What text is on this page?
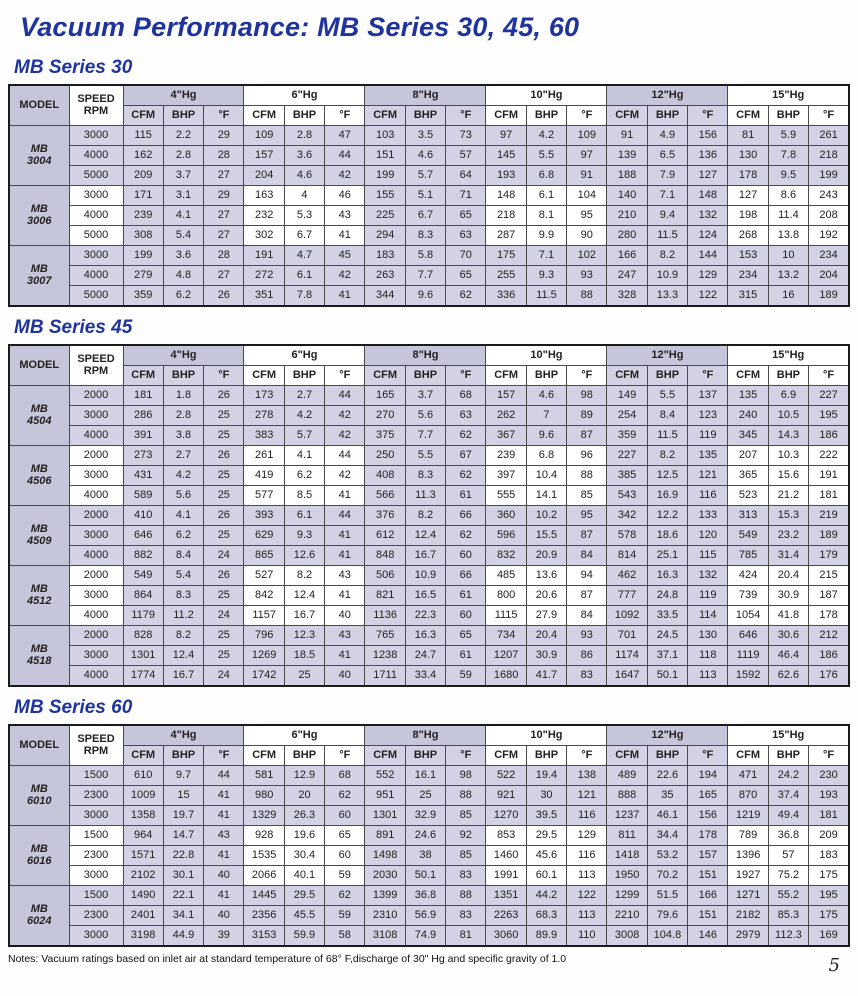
Vacuum Performance: MB Series 30, 45, 60
MB Series 30
MODEL	SPEED
RPM	4"Hg			6"Hg			8"Hg			10"Hg			12"Hg			15"Hg		
		CFM	BHP	°F	CFM	BHP	°F	CFM	BHP	°F	CFM	BHP	°F	CFM	BHP	°F	CFM	BHP	°F

MB
3004	3000	115	2.2	29	109	2.8	47	103	3.5	73	97	4.2	109	91	4.9	156	81	5.9	261
	4000	162	2.8	28	157	3.6	44	151	4.6	57	145	5.5	97	139	6.5	136	130	7.8	218
	5000	209	3.7	27	204	4.6	42	199	5.7	64	193	6.8	91	188	7.9	127	178	9.5	199

MB
3006	3000	171	3.1	29	163	4	46	155	5.1	71	148	6.1	104	140	7.1	148	127	8.6	243
	4000	239	4.1	27	232	5.3	43	225	6.7	65	218	8.1	95	210	9.4	132	198	11.4	208
	5000	308	5.4	27	302	6.7	41	294	8.3	63	287	9.9	90	280	11.5	124	268	13.8	192

MB
3007	3000	199	3.6	28	191	4.7	45	183	5.8	70	175	7.1	102	166	8.2	144	153	10	234
	4000	279	4.8	27	272	6.1	42	263	7.7	65	255	9.3	93	247	10.9	129	234	13.2	204
	5000	359	6.2	26	351	7.8	41	344	9.6	62	336	11.5	88	328	13.3	122	315	16	189
MB Series 45
MODEL	SPEED
RPM	4"Hg			6"Hg			8"Hg			10"Hg			12"Hg			15"Hg		
		CFM	BHP	°F	CFM	BHP	°F	CFM	BHP	°F	CFM	BHP	°F	CFM	BHP	°F	CFM	BHP	°F

MB
4504	2000	181	1.8	26	173	2.7	44	165	3.7	68	157	4.6	98	149	5.5	137	135	6.9	227
	3000	286	2.8	25	278	4.2	42	270	5.6	63	262	7	89	254	8.4	123	240	10.5	195
	4000	391	3.8	25	383	5.7	42	375	7.7	62	367	9.6	87	359	11.5	119	345	14.3	186

MB
4506	2000	273	2.7	26	261	4.1	44	250	5.5	67	239	6.8	96	227	8.2	135	207	10.3	222
	3000	431	4.2	25	419	6.2	42	408	8.3	62	397	10.4	88	385	12.5	121	365	15.6	191
	4000	589	5.6	25	577	8.5	41	566	11.3	61	555	14.1	85	543	16.9	116	523	21.2	181

MB
4509	2000	410	4.1	26	393	6.1	44	376	8.2	66	360	10.2	95	342	12.2	133	313	15.3	219
	3000	646	6.2	25	629	9.3	41	612	12.4	62	596	15.5	87	578	18.6	120	549	23.2	189
	4000	882	8.4	24	865	12.6	41	848	16.7	60	832	20.9	84	814	25.1	115	785	31.4	179

MB
4512	2000	549	5.4	26	527	8.2	43	506	10.9	66	485	13.6	94	462	16.3	132	424	20.4	215
	3000	864	8.3	25	842	12.4	41	821	16.5	61	800	20.6	87	777	24.8	119	739	30.9	187
	4000	1179	11.2	24	1157	16.7	40	1136	22.3	60	1115	27.9	84	1092	33.5	114	1054	41.8	178

MB
4518	2000	828	8.2	25	796	12.3	43	765	16.3	65	734	20.4	93	701	24.5	130	646	30.6	212
	3000	1301	12.4	25	1269	18.5	41	1238	24.7	61	1207	30.9	86	1174	37.1	118	1119	46.4	186
	4000	1774	16.7	24	1742	25	40	1711	33.4	59	1680	41.7	83	1647	50.1	113	1592	62.6	176
MB Series 60
MODEL	SPEED
RPM	4"Hg			6"Hg			8"Hg			10"Hg			12"Hg			15"Hg		
		CFM	BHP	°F	CFM	BHP	°F	CFM	BHP	°F	CFM	BHP	°F	CFM	BHP	°F	CFM	BHP	°F

MB
6010	1500	610	9.7	44	581	12.9	68	552	16.1	98	522	19.4	138	489	22.6	194	471	24.2	230
	2300	1009	15	41	980	20	62	951	25	88	921	30	121	888	35	165	870	37.4	193
	3000	1358	19.7	41	1329	26.3	60	1301	32.9	85	1270	39.5	116	1237	46.1	156	1219	49.4	181

MB
6016	1500	964	14.7	43	928	19.6	65	891	24.6	92	853	29.5	129	811	34.4	178	789	36.8	209
	2300	1571	22.8	41	1535	30.4	60	1498	38	85	1460	45.6	116	1418	53.2	157	1396	57	183
	3000	2102	30.1	40	2066	40.1	59	2030	50.1	83	1991	60.1	113	1950	70.2	151	1927	75.2	175

MB
6024	1500	1490	22.1	41	1445	29.5	62	1399	36.8	88	1351	44.2	122	1299	51.5	166	1271	55.2	195
	2300	2401	34.1	40	2356	45.5	59	2310	56.9	83	2263	68.3	113	2210	79.6	151	2182	85.3	175
	3000	3198	44.9	39	3153	59.9	58	3108	74.9	81	3060	89.9	110	3008	104.8	146	2979	112.3	169
Notes: Vacuum ratings based on inlet air at standard temperature of 68° F,discharge of 30" Hg and specific gravity of 1.0	5
